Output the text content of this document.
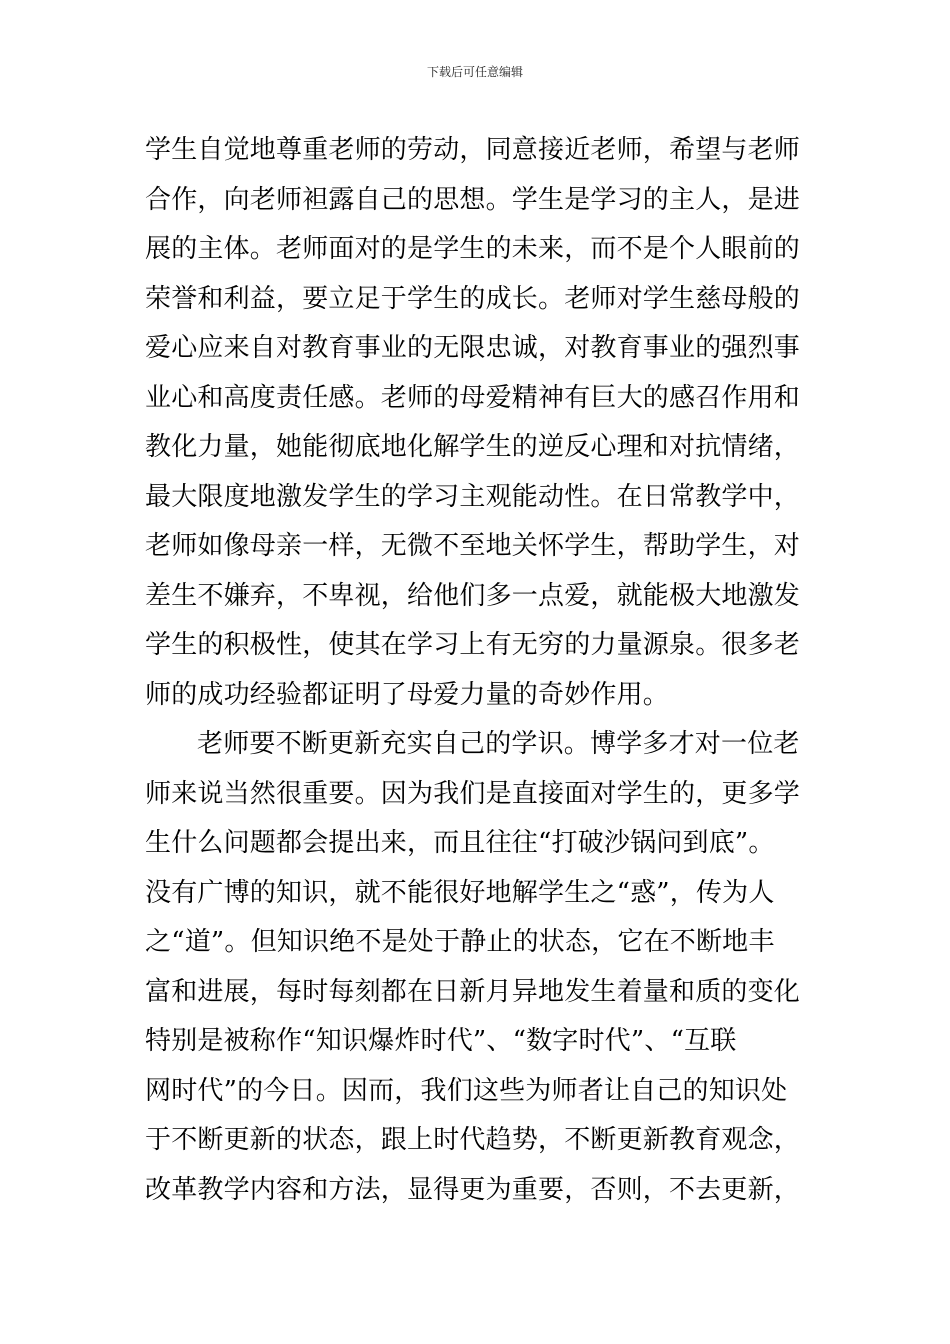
下载后可任意编辑
学生自觉地尊重老师的劳动，同意接近老师，希望与老师
合作，向老师袒露自己的思想。学生是学习的主人，是进
展的主体。老师面对的是学生的未来，而不是个人眼前的
荣誉和利益，要立足于学生的成长。老师对学生慈母般的
爱心应来自对教育事业的无限忠诚，对教育事业的强烈事
业心和高度责任感。老师的母爱精神有巨大的感召作用和
教化力量，她能彻底地化解学生的逆反心理和对抗情绪，
最大限度地激发学生的学习主观能动性。在日常教学中，
老师如像母亲一样，无微不至地关怀学生，帮助学生，对
差生不嫌弃，不卑视，给他们多一点爱，就能极大地激发
学生的积极性，使其在学习上有无穷的力量源泉。很多老
师的成功经验都证明了母爱力量的奇妙作用。
老师要不断更新充实自己的学识。博学多才对一位老
师来说当然很重要。因为我们是直接面对学生的，更多学
生什么问题都会提出来，而且往往“打破沙锅问到底”。
没有广博的知识，就不能很好地解学生之“惑”，传为人
之“道”。但知识绝不是处于静止的状态，它在不断地丰
富和进展，每时每刻都在日新月异地发生着量和质的变化
特别是被称作“知识爆炸时代”、“数字时代”、“互联
网时代”的今日。因而，我们这些为师者让自己的知识处
于不断更新的状态，跟上时代趋势，不断更新教育观念，
改革教学内容和方法，显得更为重要，否则，不去更新，
